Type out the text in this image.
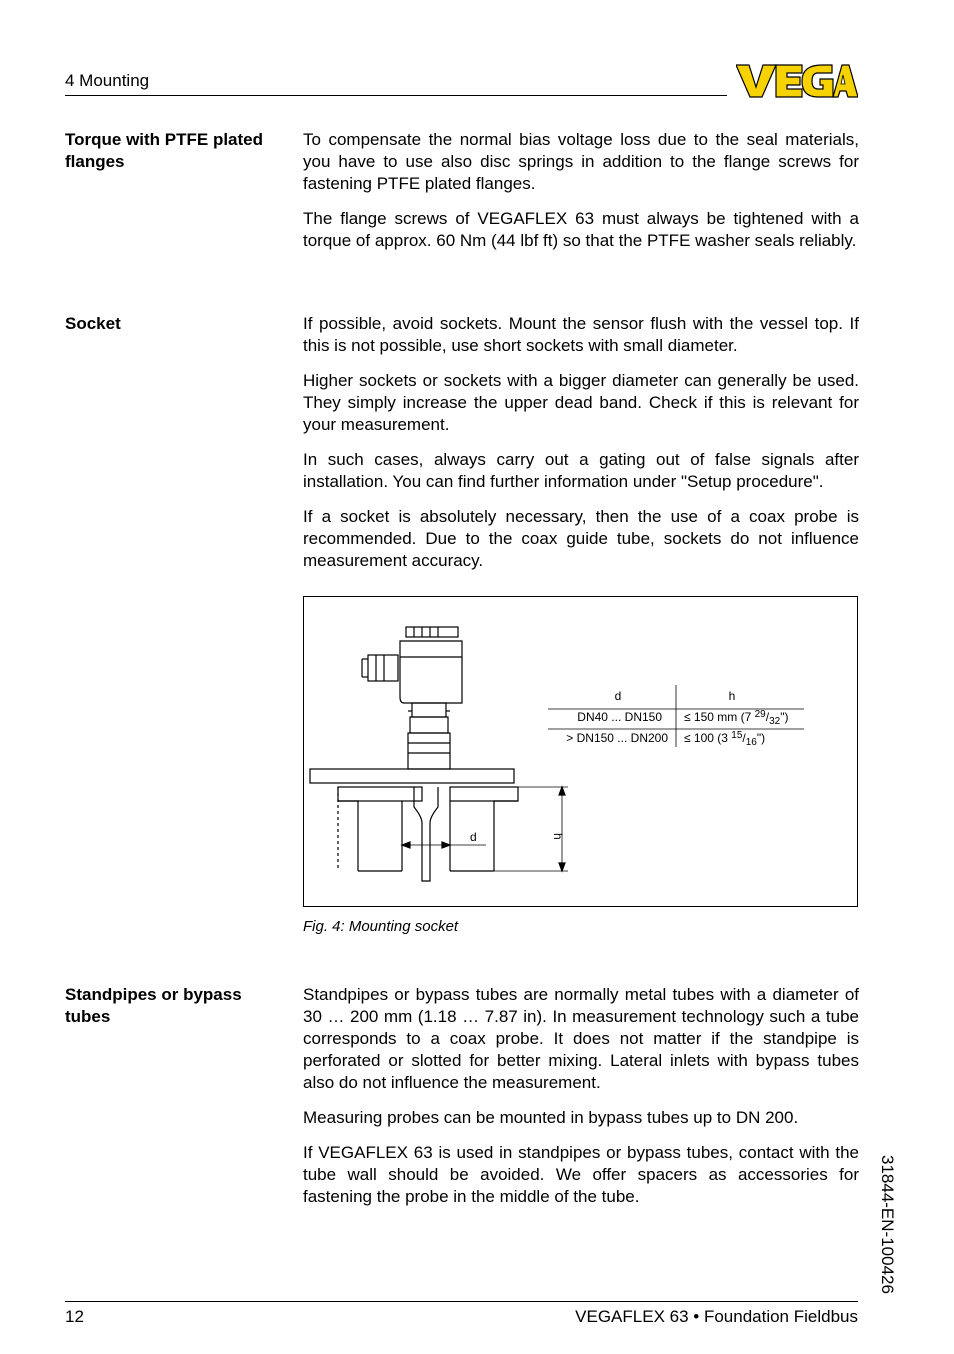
4 Mounting
Torque with PTFE plated flanges

To compensate the normal bias voltage loss due to the seal materials, you have to use also disc springs in addition to the flange screws for fastening PTFE plated flanges.

The flange screws of VEGAFLEX 63 must always be tightened with a torque of approx. 60 Nm (44 lbf ft) so that the PTFE washer seals reliably.

Socket	If possible, avoid sockets. Mount the sensor flush with the vessel top. If this is not possible, use short sockets with small diameter.

Higher sockets or sockets with a bigger diameter can generally be used. They simply increase the upper dead band. Check if this is relevant for your measurement.

In such cases, always carry out a gating out of false signals after installation. You can find further information under "Setup procedure".

If a socket is absolutely necessary, then the use of a coax probe is recommended. Due to the coax guide tube, sockets do not influence measurement accuracy.

d	h
d	h
DN40 ... DN150 ≤ 150 mm (7 $^{29}/_{32}$")
> DN150 ... DN200 ≤ 100 (3 $^{15}/_{16}$")
Fig. 4: Mounting socket
Standpipes or bypass tubes

Standpipes or bypass tubes are normally metal tubes with a diameter of 30 … 200 mm (1.18 … 7.87 in). In measurement technology such a tube corresponds to a coax probe. It does not matter if the standpipe is perforated or slotted for better mixing. Lateral inlets with bypass tubes also do not influence the measurement.

Measuring probes can be mounted in bypass tubes up to DN 200.

If VEGAFLEX 63 is used in standpipes or bypass tubes, contact with the tube wall should be avoided. We offer spacers as accessories for fastening the probe in the middle of the tube.	31844-EN-100426
12	VEGAFLEX 63 • Foundation Fieldbus
